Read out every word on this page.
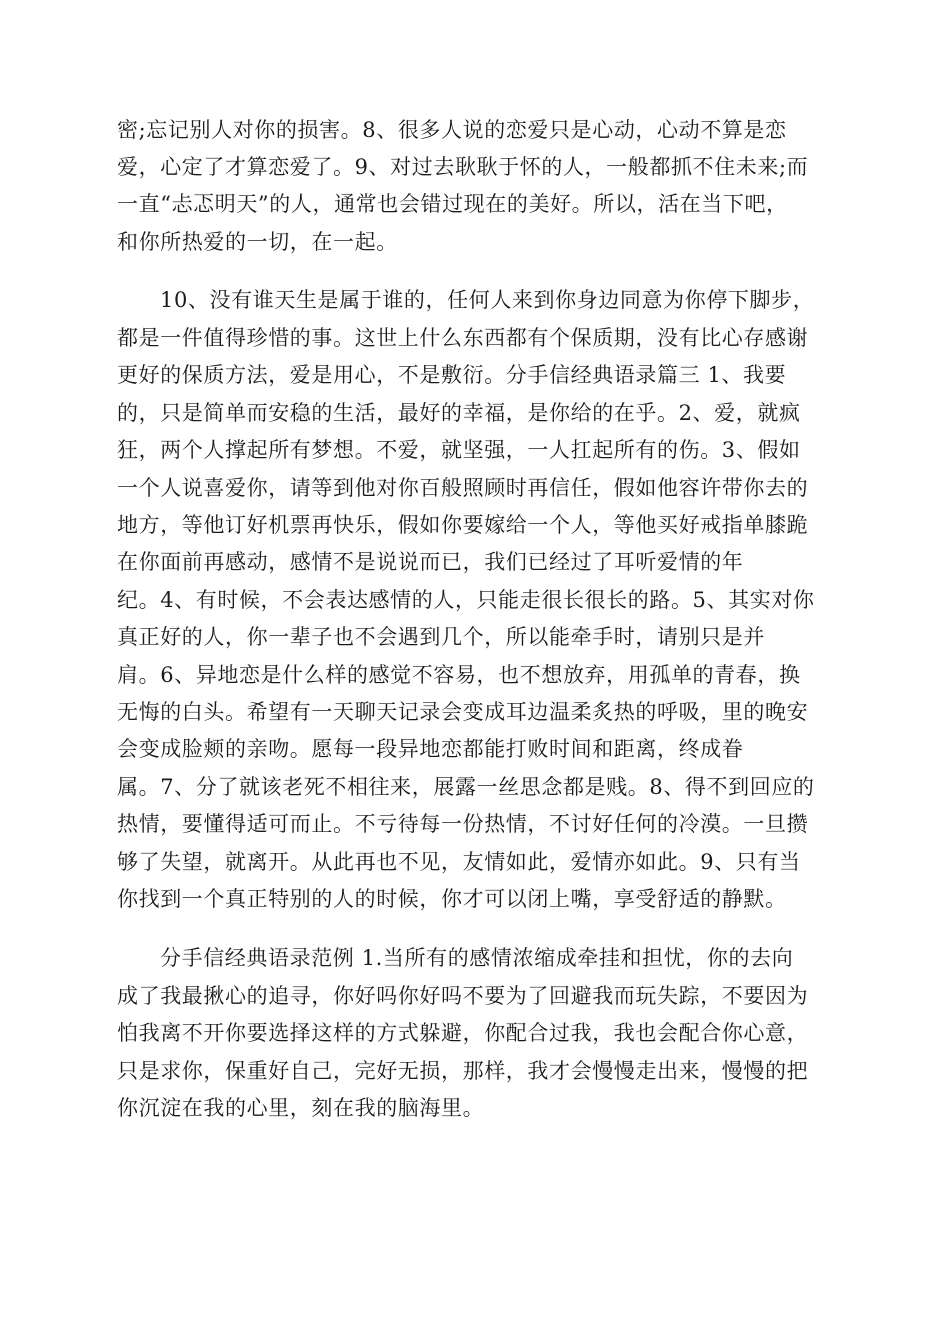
密;忘记别人对你的损害。8、很多人说的恋爱只是心动，心动不算是恋
爱，心定了才算恋爱了。9、对过去耿耿于怀的人，一般都抓不住未来;而
一直“忐忑明天”的人，通常也会错过现在的美好。所以，活在当下吧，
和你所热爱的一切，在一起。
10、没有谁天生是属于谁的，任何人来到你身边同意为你停下脚步，
都是一件值得珍惜的事。这世上什么东西都有个保质期，没有比心存感谢
更好的保质方法，爱是用心，不是敷衍。分手信经典语录篇三 1、我要
的，只是简单而安稳的生活，最好的幸福，是你给的在乎。2、爱，就疯
狂，两个人撑起所有梦想。不爱，就坚强，一人扛起所有的伤。3、假如
一个人说喜爱你，请等到他对你百般照顾时再信任，假如他容许带你去的
地方，等他订好机票再快乐，假如你要嫁给一个人，等他买好戒指单膝跪
在你面前再感动，感情不是说说而已，我们已经过了耳听爱情的年
纪。4、有时候，不会表达感情的人，只能走很长很长的路。5、其实对你
真正好的人，你一辈子也不会遇到几个，所以能牵手时，请别只是并
肩。6、异地恋是什么样的感觉不容易，也不想放弃，用孤单的青春，换
无悔的白头。希望有一天聊天记录会变成耳边温柔炙热的呼吸，里的晚安
会变成脸颊的亲吻。愿每一段异地恋都能打败时间和距离，终成眷
属。7、分了就该老死不相往来，展露一丝思念都是贱。8、得不到回应的
热情，要懂得适可而止。不亏待每一份热情，不讨好任何的冷漠。一旦攒
够了失望，就离开。从此再也不见，友情如此，爱情亦如此。9、只有当
你找到一个真正特别的人的时候，你才可以闭上嘴，享受舒适的静默。
分手信经典语录范例 1.当所有的感情浓缩成牵挂和担忧，你的去向
成了我最揪心的追寻，你好吗你好吗不要为了回避我而玩失踪，不要因为
怕我离不开你要选择这样的方式躲避，你配合过我，我也会配合你心意，
只是求你，保重好自己，完好无损，那样，我才会慢慢走出来，慢慢的把
你沉淀在我的心里，刻在我的脑海里。
